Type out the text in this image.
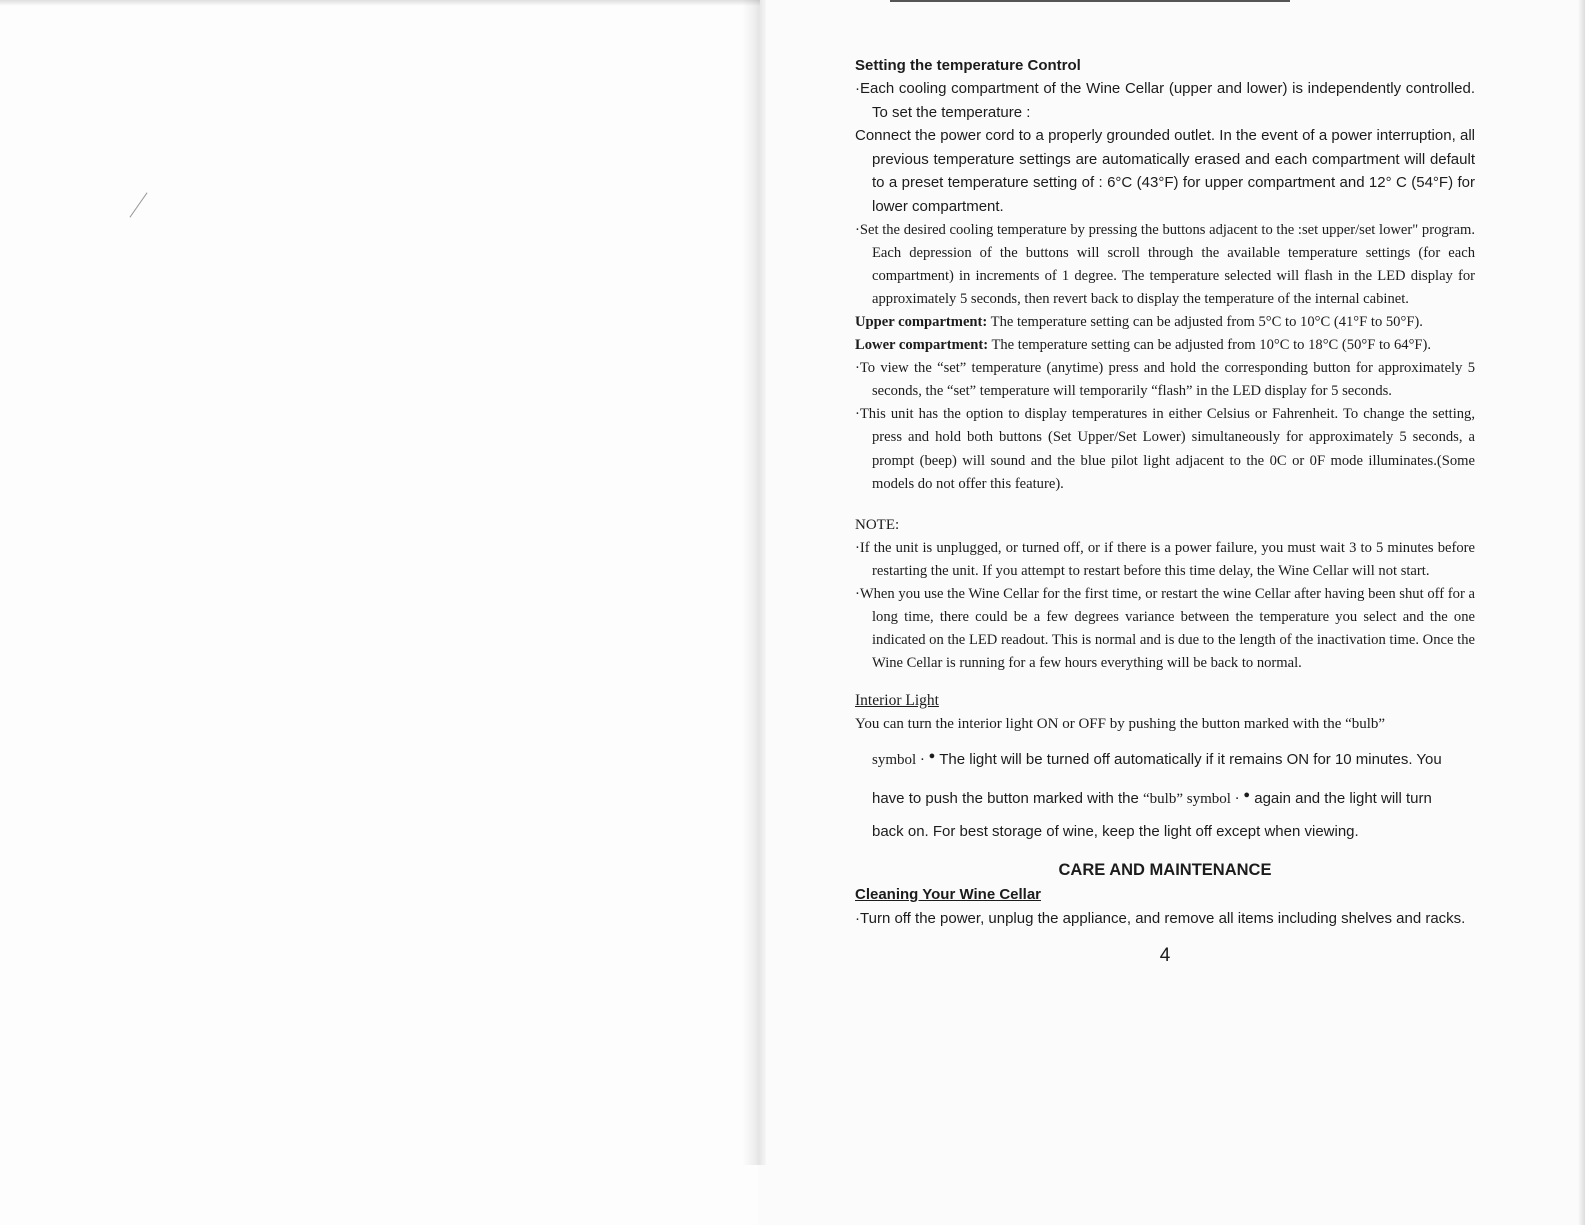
Setting the temperature Control

·Each cooling compartment of the Wine Cellar (upper and lower) is independently controlled. To set the temperature :

Connect the power cord to a properly grounded outlet. In the event of a power interruption, all previous temperature settings are automatically erased and each compartment will default to a preset temperature setting of : 6°C (43°F) for upper compartment and 12° C (54°F) for lower compartment.

·Set the desired cooling temperature by pressing the buttons adjacent to the :set upper/set lower" program. Each depression of the buttons will scroll through the available temperature settings (for each compartment) in increments of 1 degree. The temperature selected will flash in the LED display for approximately 5 seconds, then revert back to display the temperature of the internal cabinet.

Upper compartment: The temperature setting can be adjusted from 5°C to 10°C (41°F to 50°F).

Lower compartment: The temperature setting can be adjusted from 10°C to 18°C (50°F to 64°F).

·To view the “set” temperature (anytime) press and hold the corresponding button for approximately 5 seconds, the “set” temperature will temporarily “flash” in the LED display for 5 seconds.

·This unit has the option to display temperatures in either Celsius or Fahrenheit. To change the setting, press and hold both buttons (Set Upper/Set Lower) simultaneously for approximately 5 seconds, a prompt (beep) will sound and the blue pilot light adjacent to the 0C or 0F mode illuminates.(Some models do not offer this feature).

NOTE:

·If the unit is unplugged, or turned off, or if there is a power failure, you must wait 3 to 5 minutes before restarting the unit. If you attempt to restart before this time delay, the Wine Cellar will not start.

·When you use the Wine Cellar for the first time, or restart the wine Cellar after having been shut off for a long time, there could be a few degrees variance between the temperature you select and the one indicated on the LED readout. This is normal and is due to the length of the inactivation time. Once the Wine Cellar is running for a few hours everything will be back to normal.

Interior Light

You can turn the interior light ON or OFF by pushing the button marked with the “bulb”

symbol · ● The light will be turned off automatically if it remains ON for 10 minutes. You

have to push the button marked with the “bulb” symbol · ● again and the light will turn

back on. For best storage of wine, keep the light off except when viewing.

CARE AND MAINTENANCE

Cleaning Your Wine Cellar

·Turn off the power, unplug the appliance, and remove all items including shelves and racks.

4
